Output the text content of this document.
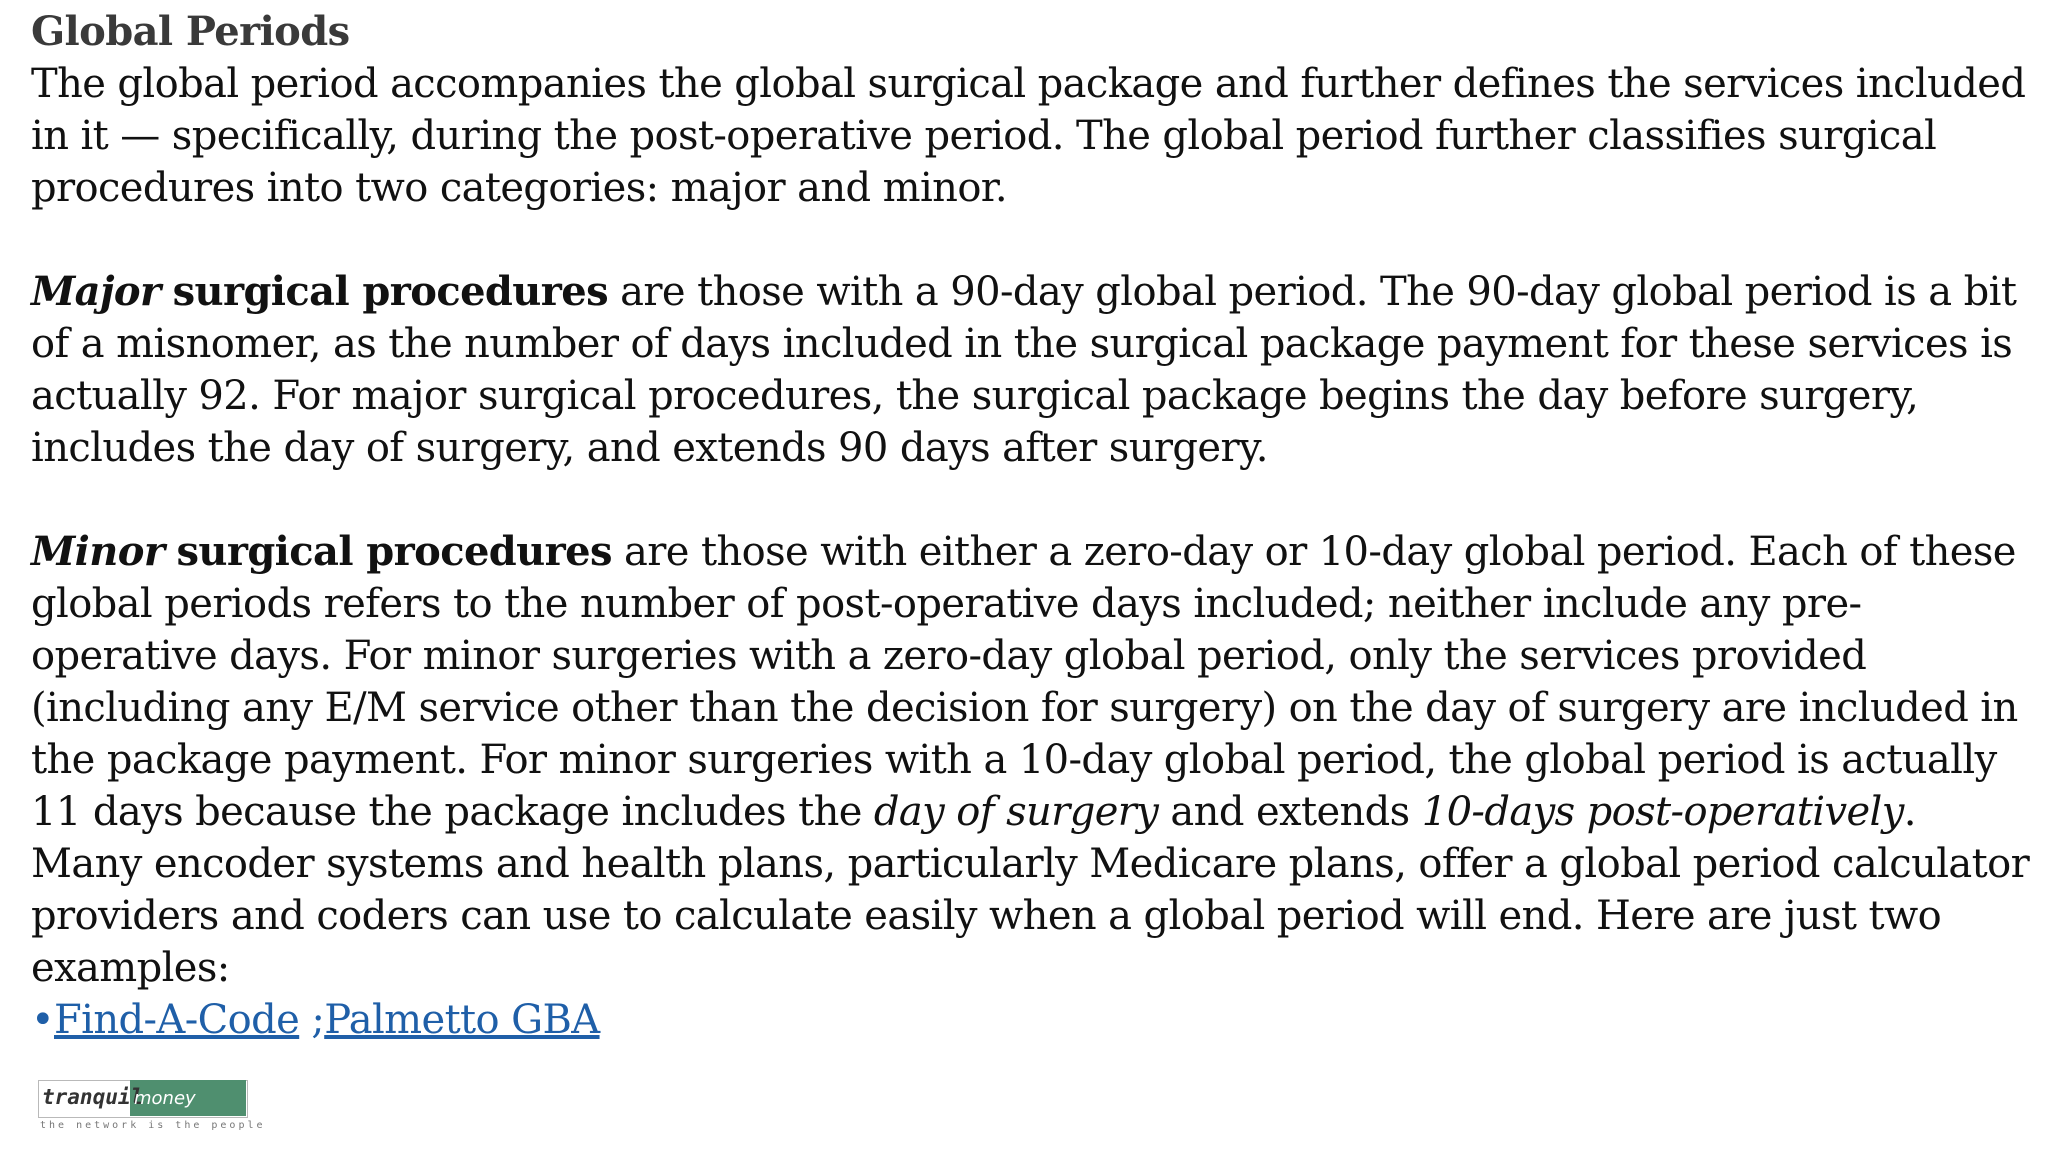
Global Periods

The global period accompanies the global surgical package and further defines the services included in it — specifically, during the post-operative period. The global period further classifies surgical procedures into two categories: major and minor.

Major surgical procedures are those with a 90-day global period. The 90-day global period is a bit of a misnomer, as the number of days included in the surgical package payment for these services is actually 92. For major surgical procedures, the surgical package begins the day before surgery, includes the day of surgery, and extends 90 days after surgery.

Minor surgical procedures are those with either a zero-day or 10-day global period. Each of these global periods refers to the number of post-operative days included; neither include any pre-operative days. For minor surgeries with a zero-day global period, only the services provided (including any E/M service other than the decision for surgery) on the day of surgery are included in the package payment. For minor surgeries with a 10-day global period, the global period is actually 11 days because the package includes the day of surgery and extends 10-days post-operatively.

Many encoder systems and health plans, particularly Medicare plans, offer a global period calculator providers and coders can use to calculate easily when a global period will end. Here are just two examples:

•Find-A-Code ;Palmetto GBA

tranquil
money
the network is the people
